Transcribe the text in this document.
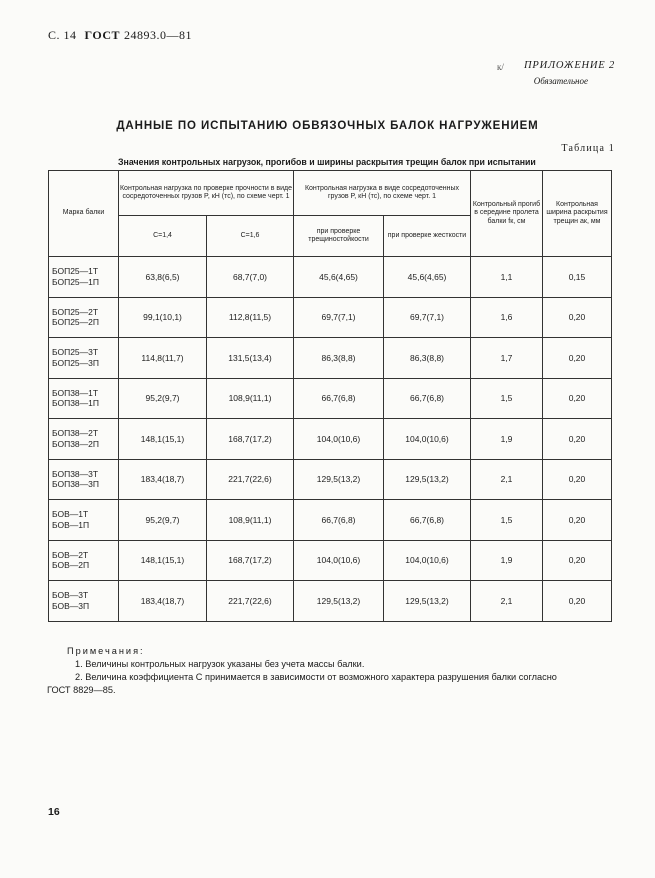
С. 14 ГОСТ 24893.0—81
к/ ПРИЛОЖЕНИЕ 2
Обязательное
ДАННЫЕ ПО ИСПЫТАНИЮ ОБВЯЗОЧНЫХ БАЛОК НАГРУЖЕНИЕМ
Таблица 1
Значения контрольных нагрузок, прогибов и ширины раскрытия трещин балок при испытании
Марка балки	Контрольная нагрузка по проверке прочности в виде сосредоточенных грузов P, кН (тс), по схеме черт. 1		Контрольная нагрузка в виде сосредоточенных грузов P, кН (тс), по схеме черт. 1		Контрольный прогиб в середине пролета балки fк, см	Контрольная ширина раскрытия трещин aк, мм
	С=1,4	С=1,6	при проверке трещиностойкости	при проверке жесткости		

БОП25—1Т
БОП25—1П	63,8(6,5)	68,7(7,0)	45,6(4,65)	45,6(4,65)	1,1	0,15

БОП25—2Т
БОП25—2П	99,1(10,1)	112,8(11,5)	69,7(7,1)	69,7(7,1)	1,6	0,20

БОП25—3Т
БОП25—3П	114,8(11,7)	131,5(13,4)	86,3(8,8)	86,3(8,8)	1,7	0,20

БОП38—1Т
БОП38—1П	95,2(9,7)	108,9(11,1)	66,7(6,8)	66,7(6,8)	1,5	0,20

БОП38—2Т
БОП38—2П	148,1(15,1)	168,7(17,2)	104,0(10,6)	104,0(10,6)	1,9	0,20

БОП38—3Т
БОП38—3П	183,4(18,7)	221,7(22,6)	129,5(13,2)	129,5(13,2)	2,1	0,20

БОВ—1Т
БОВ—1П	95,2(9,7)	108,9(11,1)	66,7(6,8)	66,7(6,8)	1,5	0,20

БОВ—2Т
БОВ—2П	148,1(15,1)	168,7(17,2)	104,0(10,6)	104,0(10,6)	1,9	0,20

БОВ—3Т
БОВ—3П	183,4(18,7)	221,7(22,6)	129,5(13,2)	129,5(13,2)	2,1	0,20
Примечания:
1. Величины контрольных нагрузок указаны без учета массы балки.
2. Величина коэффициента C принимается в зависимости от возможного характера разрушения балки согласно
ГОСТ 8829—85.
16
